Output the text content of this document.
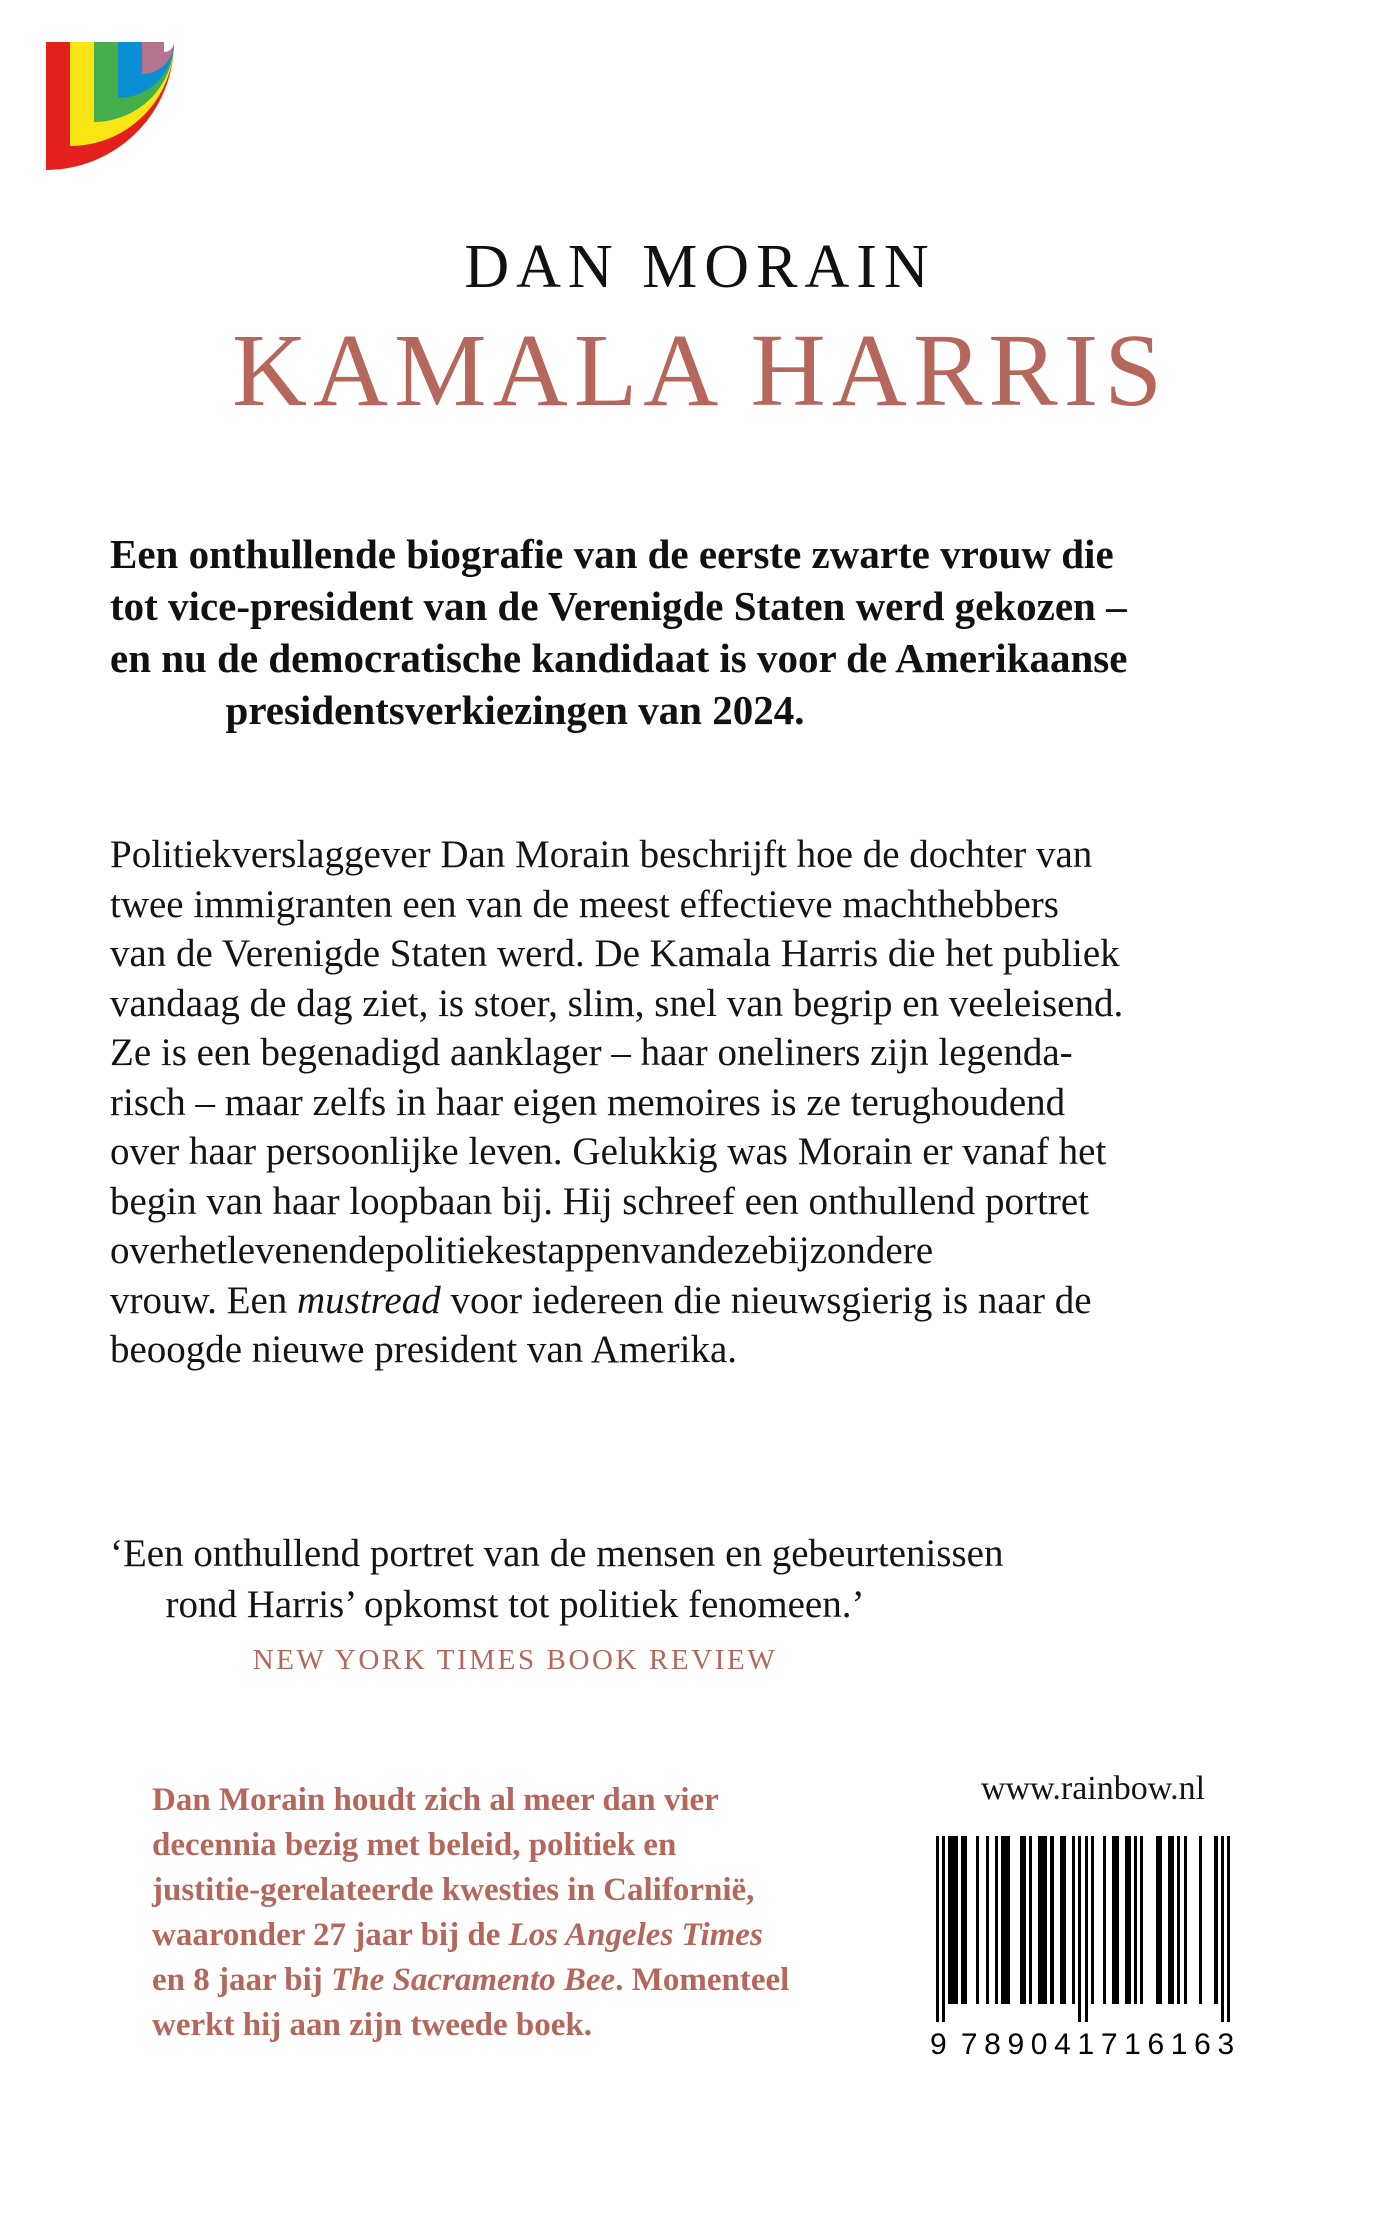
DAN MORAIN
KAMALA HARRIS
Een onthullende biografie van de eerste zwarte vrouw die
tot vice-president van de Verenigde Staten werd gekozen –
en nu de democratische kandidaat is voor de Amerikaanse
presidentsverkiezingen van 2024.
Politiekverslaggever Dan Morain beschrijft hoe de dochter van
twee immigranten een van de meest effectieve machthebbers
van de Verenigde Staten werd. De Kamala Harris die het publiek
vandaag de dag ziet, is stoer, slim, snel van begrip en veeleisend.
Ze is een begenadigd aanklager – haar oneliners zijn legenda-
risch – maar zelfs in haar eigen memoires is ze terughoudend
over haar persoonlijke leven. Gelukkig was Morain er vanaf het
begin van haar loopbaan bij. Hij schreef een onthullend portret
over het leven en de politieke stappen van deze bijzondere
vrouw. Een mustread voor iedereen die nieuwsgierig is naar de
beoogde nieuwe president van Amerika.
‘Een onthullend portret van de mensen en gebeurtenissen
rond Harris’ opkomst tot politiek fenomeen.’
NEW YORK TIMES BOOK REVIEW
Dan Morain houdt zich al meer dan vier
decennia bezig met beleid, politiek en
justitie-gerelateerde kwesties in Californië,
waaronder 27 jaar bij de Los Angeles Times
en 8 jaar bij The Sacramento Bee. Momenteel
werkt hij aan zijn tweede boek.
www.rainbow.nl
9 7 8 9 0 4 1 7 1 6 1 6 3
